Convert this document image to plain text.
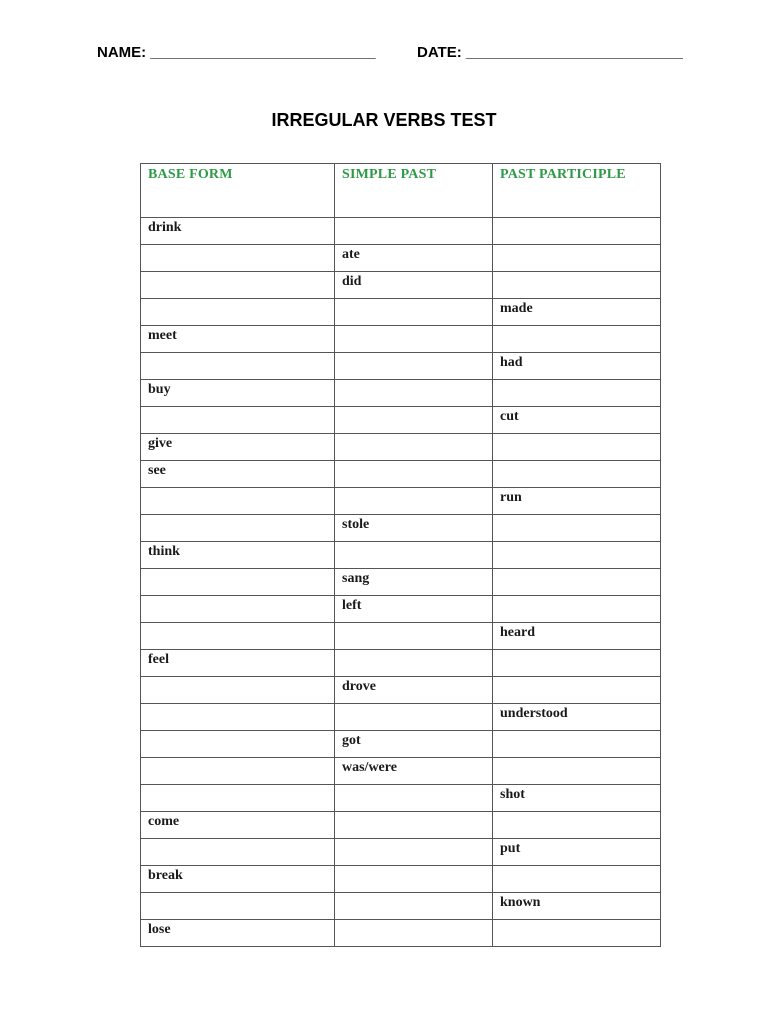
NAME: ___________________________	DATE: __________________________
IRREGULAR VERBS TEST
BASE FORM	SIMPLE PAST	PAST PARTICIPLE
drink		
	ate	
	did	
		made
meet		
		had
buy		
		cut
give		
see		
		run
	stole	
think		
	sang	
	left	
		heard
feel		
	drove	
		understood
	got	
	was/were	
		shot
come		
		put
break		
		known
lose		
